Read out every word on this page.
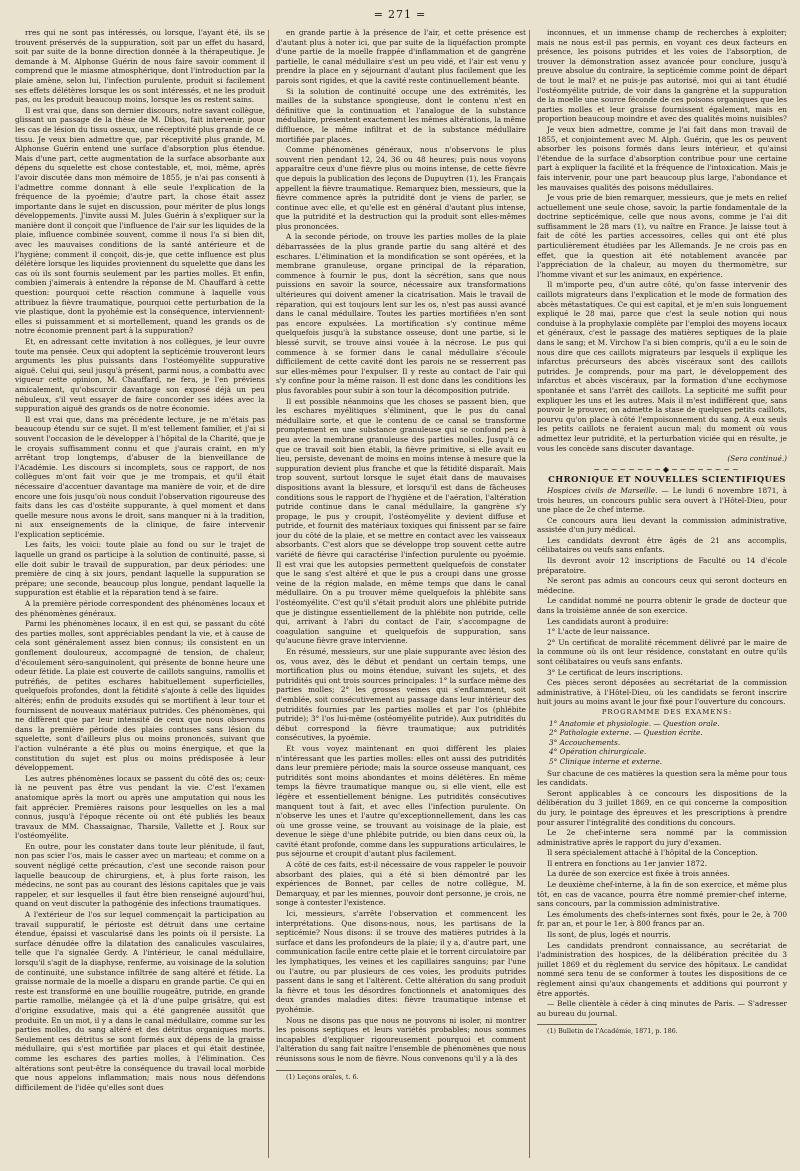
= 271 =

rres qui ne sont pas intéressés, ou lorsque, l'ayant été, ils se trouvent préservés de la suppuration, soit par un effet du hasard, soit par suite de la bonne direction donnée à la thérapeutique. Je demande à M. Alphonse Guérin de nous faire savoir comment il comprend que le miasme atmosphérique, dont l'introduction par la plaie amène, selon lui, l'infection purulente, produit si facilement ses effets délétères lorsque les os sont intéressés, et ne les produit pas, ou les produit beaucoup moins, lorsque les os restent sains.

Il est vrai que, dans son dernier discours, notre savant collègue, glissant un passage de la thèse de M. Dibos, fait intervenir, pour les cas de lésion du tissu osseux, une réceptivité plus grande de ce tissu. Je veux bien admettre que, par réceptivité plus grande, M. Alphonse Guérin entend une surface d'absorption plus étendue. Mais d'une part, cette augmentation de la surface absorbante aux dépens du squelette est chose contestable, et, moi, même, après l'avoir discutée dans mon mémoire de 1855, je n'ai pas consenti à l'admettre comme donnant à elle seule l'explication de la fréquence de la pyoémie; d'autre part, la chose était assez importante dans le sujet en discussion, pour mériter de plus longs développements. J'invite aussi M. Jules Guérin à s'expliquer sur la manière dont il conçoit que l'influence de l'air sur les liquides de la plaie, influence combinée souvent, comme il nous l'a si bien dit, avec les mauvaises conditions de la santé antérieure et de l'hygiène; comment il conçoit, dis-je, que cette influence est plus délétère lorsque les liquides proviennent du squelette que dans les cas où ils sont fournis seulement par les parties molles. Et enfin, combien j'aimerais à entendre la réponse de M. Chauffard à cette question: pourquoi cette réaction commune à laquelle vous attribuez la fièvre traumatique, pourquoi cette perturbation de la vie plastique, dont la pyohémie est la conséquence, interviennent-elles si puissamment et si mortellement, quand les grands os de notre économie prennent part à la suppuration?

Et, en adressant cette invitation à nos collègues, je leur ouvre toute ma pensée. Ceux qui adoptent la septicémie trouveront leurs arguments les plus puissants dans l'ostéomyélite suppurative aiguë. Celui qui, seul jusqu'à présent, parmi nous, a combattu avec vigueur cette opinion, M. Chauffard, ne fera, je l'en préviens amicalement, qu'obscurcir davantage son exposé déjà un peu nébuleux, s'il veut essayer de faire concorder ses idées avec la suppuration aiguë des grands os de notre économie.

Il est vrai que, dans ma précédente lecture, je ne m'étais pas beaucoup étendu sur ce sujet. Il m'est tellement familier, et j'ai si souvent l'occasion de le développer à l'hôpital de la Charité, que je le croyais suffisamment connu et que j'aurais craint, en m'y arrêtant trop longtemps, d'abuser de la bienveillance de l'Académie. Les discours si incomplets, sous ce rapport, de nos collègues m'ont fait voir que je me trompais, et qu'il était nécessaire d'accentuer davantage ma manière de voir, et de dire encore une fois jusqu'où nous conduit l'observation rigoureuse des faits dans les cas d'ostéite suppurante, à quel moment et dans quelle mesure nous avons le droit, sans manquer ni à la tradition, ni aux enseignements de la clinique, de faire intervenir l'explication septicémie.

Les faits, les voici: toute plaie au fond ou sur le trajet de laquelle un grand os participe à la solution de continuité, passe, si elle doit subir le travail de suppuration, par deux périodes: une première de cinq à six jours, pendant laquelle la suppuration se prépare; une seconde, beaucoup plus longue, pendant laquelle la suppuration est établie et la réparation tend à se faire.

A la première période correspondent des phénomènes locaux et des phénomènes généraux.

Parmi les phénomènes locaux, il en est qui, se passant du côté des parties molles, sont appréciables pendant la vie, et à cause de cela sont généralement assez bien connus; ils consistent en un gonflement douloureux, accompagné de tension, de chaleur, d'écoulement séro-sanguinolent, qui présente de bonne heure une odeur fétide. La plaie est couverte de caillots sanguins, ramollis et putréfiés, de petites eschares habituellement superficielles, quelquefois profondes, dont la fétidité s'ajoute à celle des liquides altérés; enfin de produits exsudés qui se mortifient à leur tour et fournissent de nouveaux matériaux putrides. Ces phénomènes, qui ne diffèrent que par leur intensité de ceux que nous observons dans la première période des plaies contuses sans lésion du squelette, sont d'ailleurs plus ou moins prononcés, suivant que l'action vulnérante a été plus ou moins énergique, et que la constitution du sujet est plus ou moins prédisposée à leur développement.

Les autres phénomènes locaux se passent du côté des os; ceux-là ne peuvent pas être vus pendant la vie. C'est l'examen anatomique après la mort ou après une amputation qui nous les fait apprécier. Premières raisons pour lesquelles on les a mal connus, jusqu'à l'époque récente où ont été publiés les beaux travaux de MM. Chassaignac, Tharsile, Vallette et J. Roux sur l'ostéomyélite.

En outre, pour les constater dans toute leur plénitude, il faut, non pas scier l'os, mais le casser avec un marteau; et comme on a souvent négligé cette précaution, c'est une seconde raison pour laquelle beaucoup de chirurgiens, et, à plus forte raison, les médecins, ne sont pas au courant des lésions capitales que je vais rappeler, et sur lesquelles il faut être bien renseigné aujourd'hui, quand on veut discuter la pathogénie des infections traumatiques.

A l'extérieur de l'os sur lequel commençait la participation au travail suppuratif, le périoste est détruit dans une certaine étendue, épaissi et vascularisé dans les points où il persiste. La surface dénudée offre la dilatation des canalicules vasculaires, telle que l'a signalée Gerdy. A l'intérieur, le canal médullaire, lorsqu'il s'agit de la diaphyse, renferme, au voisinage de la solution de continuité, une substance infiltrée de sang altéré et fétide. La graisse normale de la moelle a disparu en grande partie. Ce qui en reste est transformé en une bouillie rougeâtre, putride, en grande partie ramollie, mélangée çà et là d'une pulpe grisâtre, qui est d'origine exsudative, mais qui a été gangrenée aussitôt que produite. En un mot, il y a dans le canal médullaire, comme sur les parties molles, du sang altéré et des détritus organiques morts. Seulement ces détritus se sont formés aux dépens de la graisse médullaire, qui s'est mortifiée par places et qui était destinée, comme les eschares des parties molles, à l'élimination. Ces altérations sont peut-être la conséquence du travail local morbide que nous appelons inflammation; mais nous nous défendons difficilement de l'idée qu'elles sont dues

en grande partie à la présence de l'air, et cette présence est d'autant plus à noter ici, que par suite de la liquéfaction prompte d'une partie de la moelle frappée d'inflammation et de gangrène partielle, le canal médullaire s'est un peu vidé, et l'air est venu y prendre la place en y séjournant d'autant plus facilement que les parois sont rigides, et que la cavité reste continuellement béante.

Si la solution de continuité occupe une des extrémités, les mailles de la substance spongieuse, dont le contenu n'est en définitive que la continuation et l'analogue de la substance médullaire, présentent exactement les mêmes altérations, la même diffluence, le même infiltrat et de la substance médullaire mortifiée par places.

Comme phénomènes généraux, nous n'observons le plus souvent rien pendant 12, 24, 36 ou 48 heures; puis nous voyons apparaître ceux d'une fièvre plus ou moins intense, de cette fièvre que depuis la publication des leçons de Dupuytren (1), les Français appellent la fièvre traumatique. Remarquez bien, messieurs, que la fièvre commence après la putridité dont je viens de parler, se continue avec elle, et qu'elle est en général d'autant plus intense, que la putridité et la destruction qui la produit sont elles-mêmes plus prononcées.

A la seconde période, on trouve les parties molles de la plaie débarrassées de la plus grande partie du sang altéré et des eschares. L'élimination et la mondification se sont opérées, et la membrane granuleuse, organe principal de la réparation, commence à fournir le pus, dont la sécrétion, sans que nous puissions en savoir la source, nécessaire aux transformations ultérieures qui doivent amener la cicatrisation. Mais le travail de réparation, qui est toujours lent sur les os, n'est pas aussi avancé dans le canal médullaire. Toutes les parties mortifiées n'en sont pas encore expulsées. La mortification s'y continue même quelquefois jusqu'à la substance osseuse, dont une partie, si le blessé survit, se trouve ainsi vouée à la nécrose. Le pus qui commence à se former dans le canal médullaire s'écoule difficilement de cette cavité dont les parois ne se resserrent pas sur elles-mêmes pour l'expulser. Il y reste au contact de l'air qui s'y confine pour la même raison. Il est donc dans les conditions les plus favorables pour subir à son tour la décomposition putride.

Il est possible néanmoins que les choses se passent bien, que les eschares myélitiques s'éliminent, que le pus du canal médullaire sorte, et que le contenu de ce canal se transforme promptement en une substance granuleuse qui se confond peu à peu avec la membrane granuleuse des parties molles. Jusqu'à ce que ce travail soit bien établi, la fièvre primitive, si elle avait eu lieu, persiste, devenant de moins en moins intense à mesure que la suppuration devient plus franche et que la fétidité disparaît. Mais trop souvent, surtout lorsque le sujet était dans de mauvaises dispositions avant la blessure, et lorsqu'il est dans de fâcheuses conditions sous le rapport de l'hygiène et de l'aération, l'altération putride continue dans le canal médullaire, la gangrène s'y propage, le pus y croupit, l'ostéomyélite y devient diffuse et putride, et fournit des matériaux toxiques qui finissent par se faire jour du côté de la plaie, et se mettre en contact avec les vaisseaux absorbants. C'est alors que se développe trop souvent cette autre variété de fièvre qui caractérise l'infection purulente ou pyoémie. Il est vrai que les autopsies permettent quelquefois de constater que le sang s'est altéré et que le pus a croupi dans une grosse veine de la région malade, en même temps que dans le canal médullaire. On a pu trouver même quelquefois la phlébite sans l'ostéomyélite. C'est qu'il s'était produit alors une phlébite putride que je distingue essentiellement de la phlébite non putride, celle qui, arrivant à l'abri du contact de l'air, s'accompagne de coagulation sanguine et quelquefois de suppuration, sans qu'aucune fièvre grave intervienne.

En résumé, messieurs, sur une plaie suppurante avec lésion des os, vous avez, dès le début et pendant un certain temps, une mortification plus ou moins étendue, suivant les sujets, et des putridités qui ont trois sources principales: 1° la surface même des parties molles; 2° les grosses veines qui s'enflamment, soit d'emblée, soit consécutivement au passage dans leur intérieur des putridités fournies par les parties molles et par l'os (phlébite putride); 3° l'os lui-même (ostéomyélite putride). Aux putridités du début correspond la fièvre traumatique; aux putridités consécutives, la pyoémie.

Et vous voyez maintenant en quoi diffèrent les plaies n'intéressant que les parties molles: elles ont aussi des putridités dans leur première période; mais la source osseuse manquant, ces putridités sont moins abondantes et moins délétères. En même temps la fièvre traumatique manque ou, si elle vient, elle est légère et essentiellement bénigne. Les putridités consécutives manquent tout à fait, et avec elles l'infection purulente. On n'observe les unes et l'autre qu'exceptionnellement, dans les cas où une grosse veine, se trouvant au voisinage de la plaie, est devenue le siège d'une phlébite putride, ou bien dans ceux où, la cavité étant profonde, comme dans les suppurations articulaires, le pus séjourne et croupit d'autant plus facilement.

A côté de ces faits, est-il nécessaire de vous rappeler le pouvoir absorbant des plaies, qui a été si bien démontré par les expériences de Bonnet, par celles de notre collègue, M. Demarquay, et par les miennes, pouvoir dont personne, je crois, ne songe à contester l'existence.

Ici, messieurs, s'arrête l'observation et commencent les interprétations. Que disons-nous, nous, les partisans de la septicémie? Nous disons: il se trouve des matières putrides à la surface et dans les profondeurs de la plaie; il y a, d'autre part, une communication facile entre cette plaie et le torrent circulatoire par les lymphatiques, les veines et les capillaires sanguins; par l'une ou l'autre, ou par plusieurs de ces voies, les produits putrides passent dans le sang et l'altèrent. Cette altération du sang produit la fièvre et tous les désordres fonctionnels et anatomiques des deux grandes maladies dites: fièvre traumatique intense et pyohémie.

Nous ne disons pas que nous ne pouvons ni isoler, ni montrer les poisons septiques et leurs variétés probables; nous sommes incapables d'expliquer rigoureusement pourquoi et comment l'altération du sang fait naître l'ensemble de phénomènes que nous réunissons sous le nom de fièvre. Nous convenons qu'il y a là des

(1) Leçons orales, t. 6.

inconnues, et un immense champ de recherches à exploiter; mais ne nous est-il pas permis, en voyant ces deux facteurs en présence, les poisons putrides et les voies de l'absorption, de trouver la démonstration assez avancée pour conclure, jusqu'à preuve absolue du contraire, la septicémie comme point de départ de tout le mal? et ne puis-je pas autorisé, moi qui ai tant étudié l'ostéomyélite putride, de voir dans la gangrène et la suppuration de la moelle une source féconde de ces poisons organiques que les parties molles et leur graisse fournissent également, mais en proportion beaucoup moindre et avec des qualités moins nuisibles?

Je veux bien admettre, comme je l'ai fait dans mon travail de 1855, et conjointement avec M. Alph. Guérin, que les os peuvent absorber les poisons formés dans leurs intérieur, et qu'ainsi l'étendue de la surface d'absorption contribue pour une certaine part à expliquer la facilité et la fréquence de l'intoxication. Mais je fais intervenir, pour une part beaucoup plus large, l'abondance et les mauvaises qualités des poisons médullaires.

Je vous prie de bien remarquer, messieurs, que je mets en relief actuellement une seule chose, savoir, la partie fondamentale de la doctrine septicémique, celle que nous avons, comme je l'ai dit suffisamment le 28 mars (1), vu naître en France. Je laisse tout à fait de côté les parties accessoires, celles qui ont été plus particulièrement étudiées par les Allemands. Je ne crois pas en effet, que la question ait été notablement avancée par l'appréciation de la chaleur, au moyen du thermomètre, sur l'homme vivant et sur les animaux, en expérience.

Il m'importe peu, d'un autre côté, qu'on fasse intervenir des caillots migrateurs dans l'explication et le mode de formation des abcès métastatiques. Ce qui est capital, et je m'en suis longuement expliqué le 28 mai, parce que c'est la seule notion qui nous conduise à la prophylaxie complète par l'emploi des moyens locaux et généraux, c'est le passage des matières septiques de la plaie dans le sang; et M. Virchow l'a si bien compris, qu'il a eu le soin de nous dire que ces caillots migrateurs par lesquels il explique les infarctus précurseurs des abcès viscéraux sont des caillots putrides. Je comprends, pour ma part, le développement des infarctus et abcès viscéraux, par la formation d'une ecchymose spontanée et sans l'arrêt des caillots. La septicité me suffit pour expliquer les uns et les autres. Mais il m'est indifférent que, sans pouvoir le prouver, on admette la stase de quelques petits caillots, pourvu qu'on place à côté l'empoisonnement du sang. A eux seuls les petits caillots ne feraient aucun mal; du moment où vous admettez leur putridité, et la perturbation viciée qui en résulte, je vous les concède sans discuter davantage.

(Sera continué.)

~~~~~~~~◆~~~~~~~~

CHRONIQUE ET NOUVELLES SCIENTIFIQUES

Hospices civils de Marseille. — Le lundi 6 novembre 1871, à trois heures, un concours public sera ouvert à l'Hôtel-Dieu, pour une place de 2e chef interne.

Ce concours aura lieu devant la commission administrative, assistée d'un jury médical.

Les candidats devront être âgés de 21 ans accomplis, célibataires ou veufs sans enfants.

Ils devront avoir 12 inscriptions de Faculté ou 14 d'école préparatoire.

Ne seront pas admis au concours ceux qui seront docteurs en médecine.

Le candidat nommé ne pourra obtenir le grade de docteur que dans la troisième année de son exercice.

Les candidats auront à produire:

1° L'acte de leur naissance.

2° Un certificat de moralité récemment délivré par le maire de la commune où ils ont leur résidence, constatant en outre qu'ils sont célibataires ou veufs sans enfants.

3° Le certificat de leurs inscriptions.

Ces pièces seront déposées au secrétariat de la commission administrative, à l'Hôtel-Dieu, où les candidats se feront inscrire huit jours au moins avant le jour fixé pour l'ouverture du concours.

PROGRAMME DES EXAMENS:

1° Anatomie et physiologie. — Question orale.
2° Pathologie externe. — Question écrite.
3° Accouchements.
4° Opération chirurgicale.
5° Clinique interne et externe.

Sur chacune de ces matières la question sera la même pour tous les candidats.

Seront applicables à ce concours les dispositions de la délibération du 3 juillet 1869, en ce qui concerne la composition du jury, le pointage des épreuves et les prescriptions à prendre pour assurer l'intégralité des conditions du concours.

Le 2e chef-interne sera nommé par la commission administrative après le rapport du jury d'examen.

Il sera spécialement attaché à l'hôpital de la Conception.

Il entrera en fonctions au 1er janvier 1872.

La durée de son exercice est fixée à trois années.

Le deuxième chef-interne, à la fin de son exercice, et même plus tôt, en cas de vacance, pourra être nommé premier-chef interne, sans concours, par la commission administrative.

Les émoluments des chefs-internes sont fixés, pour le 2e, à 700 fr. par an, et pour le 1er, à 800 francs par an.

Ils sont, de plus, logés et nourris.

Les candidats prendront connaissance, au secrétariat de l'administration des hospices, de la délibération précitée du 3 juillet 1869 et du règlement du service des hôpitaux. Le candidat nommé sera tenu de se conformer à toutes les dispositions de ce règlement ainsi qu'aux changements et additions qui pourront y être apportés.

— Belle clientèle à céder à cinq minutes de Paris. — S'adresser au bureau du journal.

(1) Bulletin de l'Académie, 1871, p. 186.
